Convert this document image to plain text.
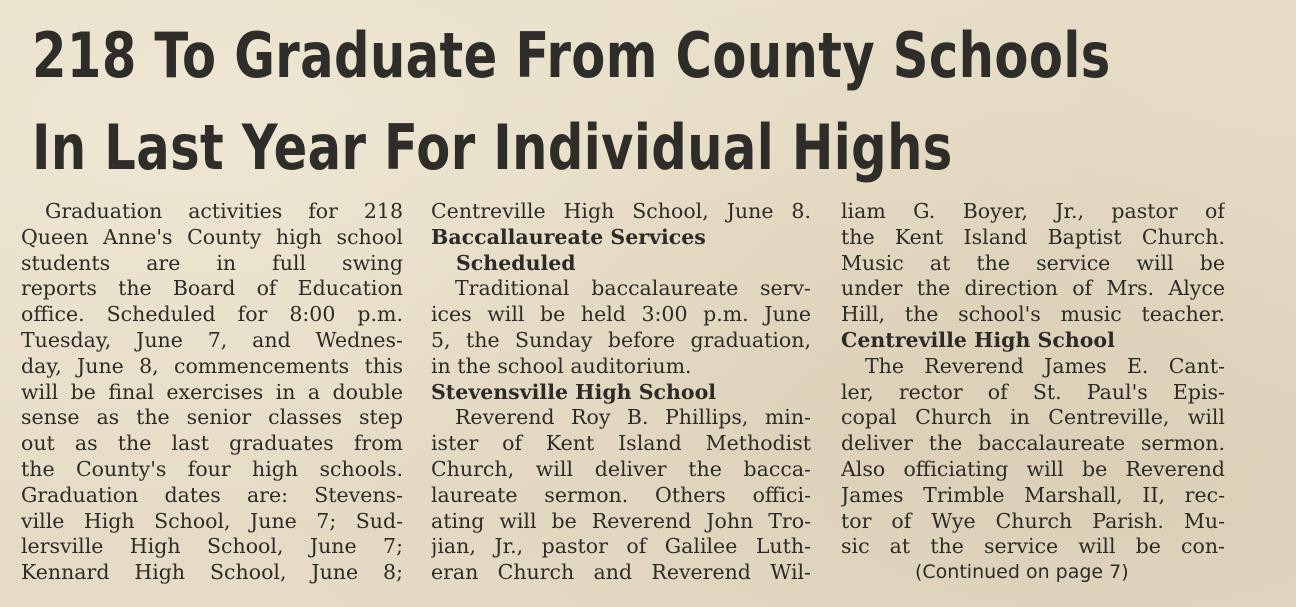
218 To Graduate From County Schools
In Last Year For Individual Highs
Graduation activities for 218
Queen Anne's County high school
students are in full swing
reports the Board of Education
office. Scheduled for 8:00 p.m.
Tuesday, June 7, and Wednes-
day, June 8, commencements this
will be final exercises in a double
sense as the senior classes step
out as the last graduates from
the County's four high schools.
Graduation dates are: Stevens-
ville High School, June 7; Sud-
lersville High School, June 7;
Kennard High School, June 8;
Centreville High School, June 8.
Baccallaureate Services
Scheduled
Traditional baccalaureate serv-
ices will be held 3:00 p.m. June
5, the Sunday before graduation,
in the school auditorium.
Stevensville High School
Reverend Roy B. Phillips, min-
ister of Kent Island Methodist
Church, will deliver the bacca-
laureate sermon. Others offici-
ating will be Reverend John Tro-
jian, Jr., pastor of Galilee Luth-
eran Church and Reverend Wil-
liam G. Boyer, Jr., pastor of
the Kent Island Baptist Church.
Music at the service will be
under the direction of Mrs. Alyce
Hill, the school's music teacher.
Centreville High School
The Reverend James E. Cant-
ler, rector of St. Paul's Epis-
copal Church in Centreville, will
deliver the baccalaureate sermon.
Also officiating will be Reverend
James Trimble Marshall, II, rec-
tor of Wye Church Parish. Mu-
sic at the service will be con-
(Continued on page 7)
